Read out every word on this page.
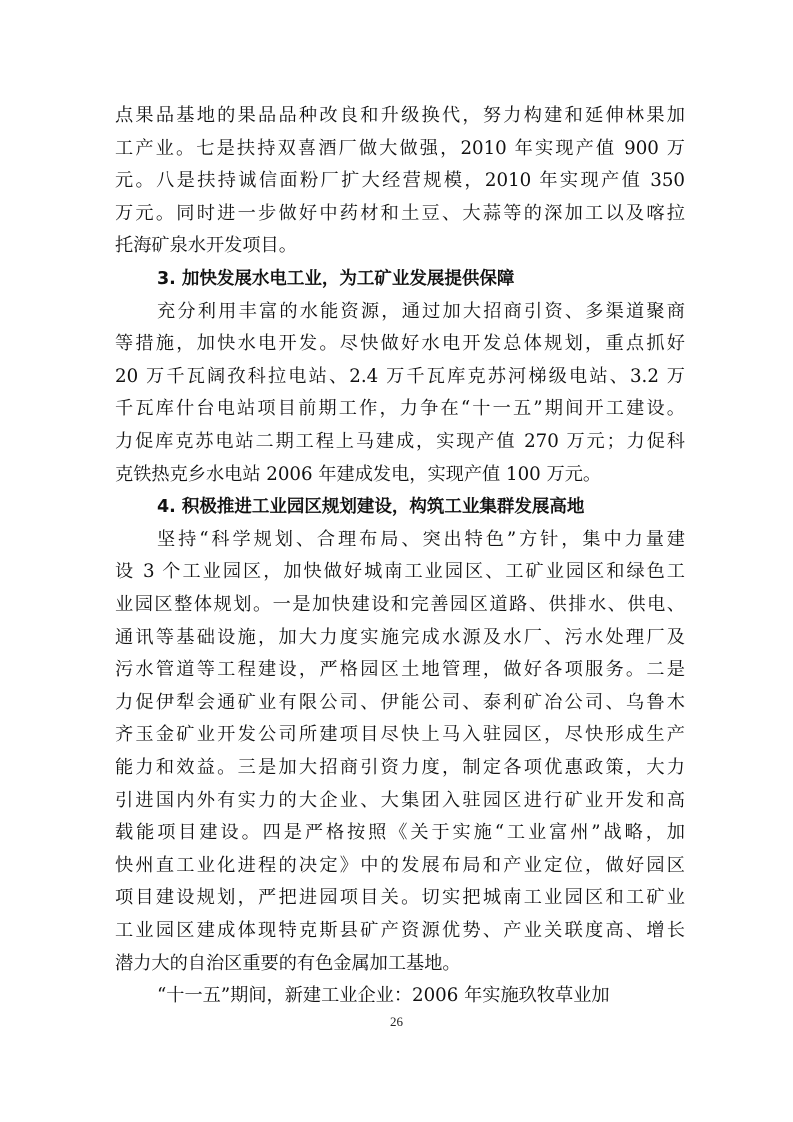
点果品基地的果品品种改良和升级换代，努力构建和延伸林果加
工产业。七是扶持双喜酒厂做大做强，2010 年实现产值 900 万
元。八是扶持诚信面粉厂扩大经营规模，2010 年实现产值 350
万元。同时进一步做好中药材和土豆、大蒜等的深加工以及喀拉
托海矿泉水开发项目。
3. 加快发展水电工业，为工矿业发展提供保障
充分利用丰富的水能资源，通过加大招商引资、多渠道聚商
等措施，加快水电开发。尽快做好水电开发总体规划，重点抓好
20 万千瓦阔孜科拉电站、2.4 万千瓦库克苏河梯级电站、3.2 万
千瓦库什台电站项目前期工作，力争在“十一五”期间开工建设。
力促库克苏电站二期工程上马建成，实现产值 270 万元；力促科
克铁热克乡水电站 2006 年建成发电，实现产值 100 万元。
4. 积极推进工业园区规划建设，构筑工业集群发展高地
坚持“科学规划、合理布局、突出特色”方针，集中力量建
设 3 个工业园区，加快做好城南工业园区、工矿业园区和绿色工
业园区整体规划。一是加快建设和完善园区道路、供排水、供电、
通讯等基础设施，加大力度实施完成水源及水厂、污水处理厂及
污水管道等工程建设，严格园区土地管理，做好各项服务。二是
力促伊犁会通矿业有限公司、伊能公司、泰利矿冶公司、乌鲁木
齐玉金矿业开发公司所建项目尽快上马入驻园区，尽快形成生产
能力和效益。三是加大招商引资力度，制定各项优惠政策，大力
引进国内外有实力的大企业、大集团入驻园区进行矿业开发和高
载能项目建设。四是严格按照《关于实施“工业富州”战略，加
快州直工业化进程的决定》中的发展布局和产业定位，做好园区
项目建设规划，严把进园项目关。切实把城南工业园区和工矿业
工业园区建成体现特克斯县矿产资源优势、产业关联度高、增长
潜力大的自治区重要的有色金属加工基地。
“十一五”期间，新建工业企业：2006 年实施玖牧草业加
26
